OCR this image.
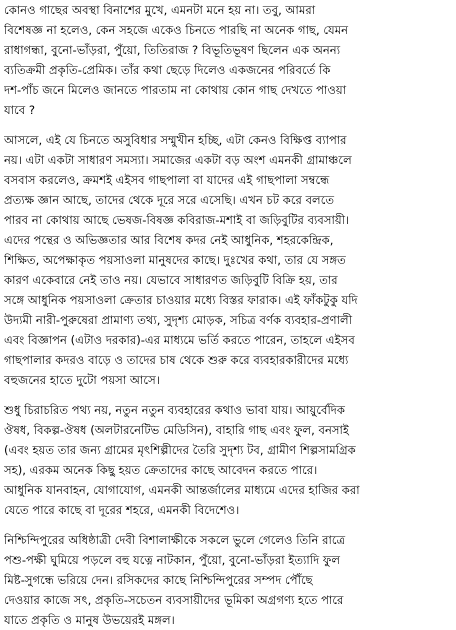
কোনও গাছের অবস্থা বিনাশের মুখে, এমনটা মনে হয় না। তবু, আমরা
বিশেষজ্ঞ না হলেও, কেন সহজে একেও চিনতে পারছি না অনেক গাছ, যেমন
রাধাগন্ধা, বুনো-ভাঁড়রা, পুঁয়ো, তিতিরাজ ? বিভূতিভূষণ ছিলেন এক অনন্য
ব্যতিক্রমী প্রকৃতি-প্রেমিক। তাঁর কথা ছেড়ে দিলেও একজনের পরিবর্তে কি
দশ-পাঁচ জনে মিলেও জানতে পারতাম না কোথায় কোন গাছ দেখতে পাওয়া
যাবে ?
আসলে, এই যে চিনতে অসুবিধার সম্মুখীন হচ্ছি, এটা কেনও বিক্ষিপ্ত ব্যাপার
নয়। এটা একটা সাধারণ সমস্যা। সমাজের একটা বড় অংশ এমনকী গ্রামাঞ্চলে
বসবাস করলেও, ক্রমশই এইসব গাছপালা বা যাদের এই গাছপালা সম্বন্ধে
প্রত্যক্ষ জ্ঞান আছে, তাদের থেকে দূরে সরে এসেছি। এখন চট করে বলতে
পারব না কোথায় আছে ভেষজ-বিষজ্ঞ কবিরাজ-মশাই বা জড়িবুটির ব্যবসায়ী।
এদের পন্থের ও অভিজ্ঞতার আর বিশেষ কদর নেই আধুনিক, শহরকেন্দ্রিক,
শিক্ষিত, অপেক্ষাকৃত পয়সাওলা মানুষদের কাছে। দুঃখের কথা, তার যে সঙ্গত
কারণ একেবারে নেই তাও নয়। যেভাবে সাধারণত জড়িবুটি বিক্রি হয়, তার
সঙ্গে আধুনিক পয়সাওলা ক্রেতার চাওয়ার মধ্যে বিস্তর ফারাক। এই ফাঁকটুকু যদি
উদ্যমী নারী-পুরুষেরা প্রামাণ্য তথ্য, সুদৃশ্য মোড়ক, সচিত্র বর্ণক ব্যবহার-প্রণালী
এবং বিজ্ঞাপন (এটাও দরকার)-এর মাধ্যমে ভর্তি করতে পারেন, তাহলে এইসব
গাছপালার কদরও বাড়ে ও তাদের চাষ থেকে শুরু করে ব্যবহারকারীদের মধ্যে
বহুজনের হাতে দুটো পয়সা আসে।
শুধু চিরাচরিত পথ্য নয়, নতুন নতুন ব্যবহারের কথাও ভাবা যায়। আয়ুর্বেদিক
ঔষধ, বিকল্প-ঔষধ (অলটারনেটিভ মেডিসিন), বাহারি গাছ এবং ফুল, বনসাই
(এবং হয়ত তার জন্য গ্রামের মৃৎশিল্পীদের তৈরি সুদৃশ্য টব, গ্রামীণ শিল্পসামগ্রিক
সহ), এরকম অনেক কিছু হয়ত ক্রেতাদের কাছে আবেদন করতে পারে।
আধুনিক যানবাহন, যোগাযোগ, এমনকী আন্তর্জালের মাধ্যমে এদের হাজির করা
যেতে পারে কাছে বা দূরের শহরে, এমনকী বিদেশেও।
নিশ্চিন্দিপুরের অধিষ্ঠাত্রী দেবী বিশালাক্ষীকে সকলে ভুলে গেলেও তিনি রাত্রে
পশু-পক্ষী ঘুমিয়ে পড়লে বহু যত্নে নাটকান, পুঁয়ো, বুনো-ভাঁড়রা ইত্যাদি ফুল
মিষ্ট-সুগন্ধে ভরিয়ে দেন। রসিকদের কাছে নিশ্চিন্দিপুরের সম্পদ পৌঁছে
দেওয়ার কাজে সৎ, প্রকৃতি-সচেতন ব্যবসায়ীদের ভূমিকা অগ্রগণ্য হতে পারে
যাতে প্রকৃতি ও মানুষ উভয়েরই মঙ্গল।
